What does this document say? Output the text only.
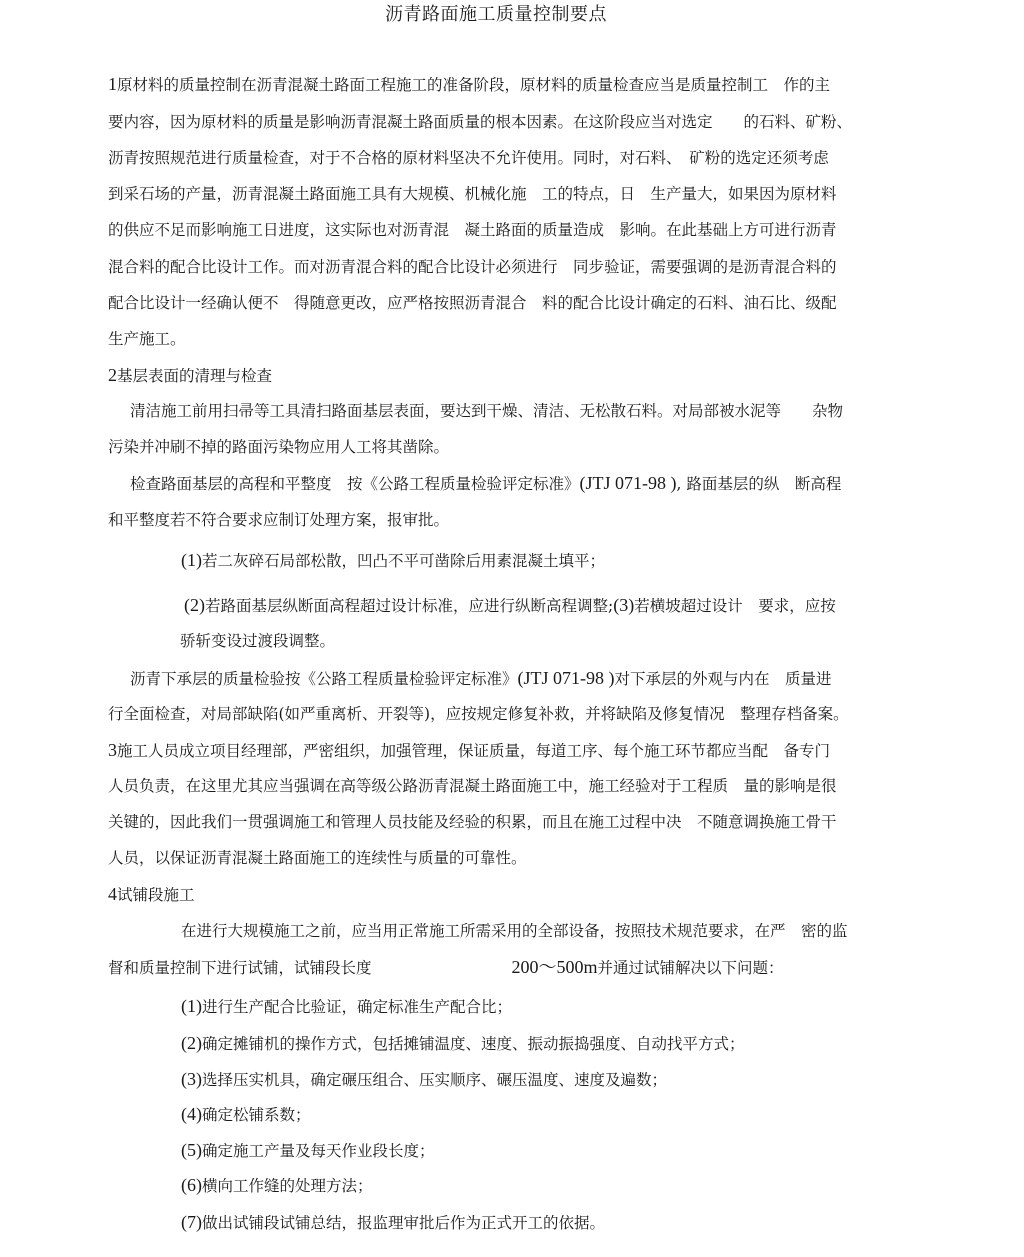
沥青路面施工质量控制要点
1原材料的质量控制在沥青混凝土路面工程施工的准备阶段，原材料的质量检查应当是质量控制工　作的主
要内容，因为原材料的质量是影响沥青混凝土路面质量的根本因素。在这阶段应当对选定　　的石料、矿粉、
沥青按照规范进行质量检查，对于不合格的原材料坚决不允许使用。同时，对石料、　矿粉的选定还须考虑
到采石场的产量，沥青混凝土路面施工具有大规模、机械化施　工的特点，日　生产量大，如果因为原材料
的供应不足而影响施工日进度，这实际也对沥青混　凝土路面的质量造成　影响。在此基础上方可进行沥青
混合料的配合比设计工作。而对沥青混合料的配合比设计必须进行　同步验证，需要强调的是沥青混合料的
配合比设计一经确认便不　得随意更改，应严格按照沥青混合　料的配合比设计确定的石料、油石比、级配
生产施工。
2基层表面的清理与检查
清洁施工前用扫帚等工具清扫路面基层表面，要达到干燥、清洁、无松散石料。对局部被水泥等　　杂物
污染并冲刷不掉的路面污染物应用人工将其凿除。
检查路面基层的高程和平整度　按《公路工程质量检验评定标准》(JTJ 071-98 ), 路面基层的纵　断高程
和平整度若不符合要求应制订处理方案，报审批。
(1)若二灰碎石局部松散，凹凸不平可凿除后用素混凝土填平；
(2)若路面基层纵断面高程超过设计标准，应进行纵断高程调整;(3)若横坡超过设计　要求，应按
骄斩变设过渡段调整。
沥青下承层的质量检验按《公路工程质量检验评定标准》(JTJ 071-98 )对下承层的外观与内在　质量进
行全面检查，对局部缺陷(如严重离析、开裂等)，应按规定修复补救，并将缺陷及修复情况　整理存档备案。
3施工人员成立项目经理部，严密组织，加强管理，保证质量，每道工序、每个施工环节都应当配　备专门
人员负责，在这里尤其应当强调在高等级公路沥青混凝土路面施工中，施工经验对于工程质　量的影响是很
关键的，因此我们一贯强调施工和管理人员技能及经验的积累，而且在施工过程中决　不随意调换施工骨干
人员，以保证沥青混凝土路面施工的连续性与质量的可靠性。
4试铺段施工
在进行大规模施工之前，应当用正常施工所需采用的全部设备，按照技术规范要求，在严　密的监
督和质量控制下进行试铺，试铺段长度	200〜500m并通过试铺解决以下问题：
(1)进行生产配合比验证，确定标准生产配合比；
(2)确定摊铺机的操作方式，包括摊铺温度、速度、振动振捣强度、自动找平方式；
(3)选择压实机具，确定碾压组合、压实顺序、碾压温度、速度及遍数；
(4)确定松铺系数；
(5)确定施工产量及每天作业段长度；
(6)横向工作缝的处理方法；
(7)做出试铺段试铺总结，报监理审批后作为正式开工的依据。
